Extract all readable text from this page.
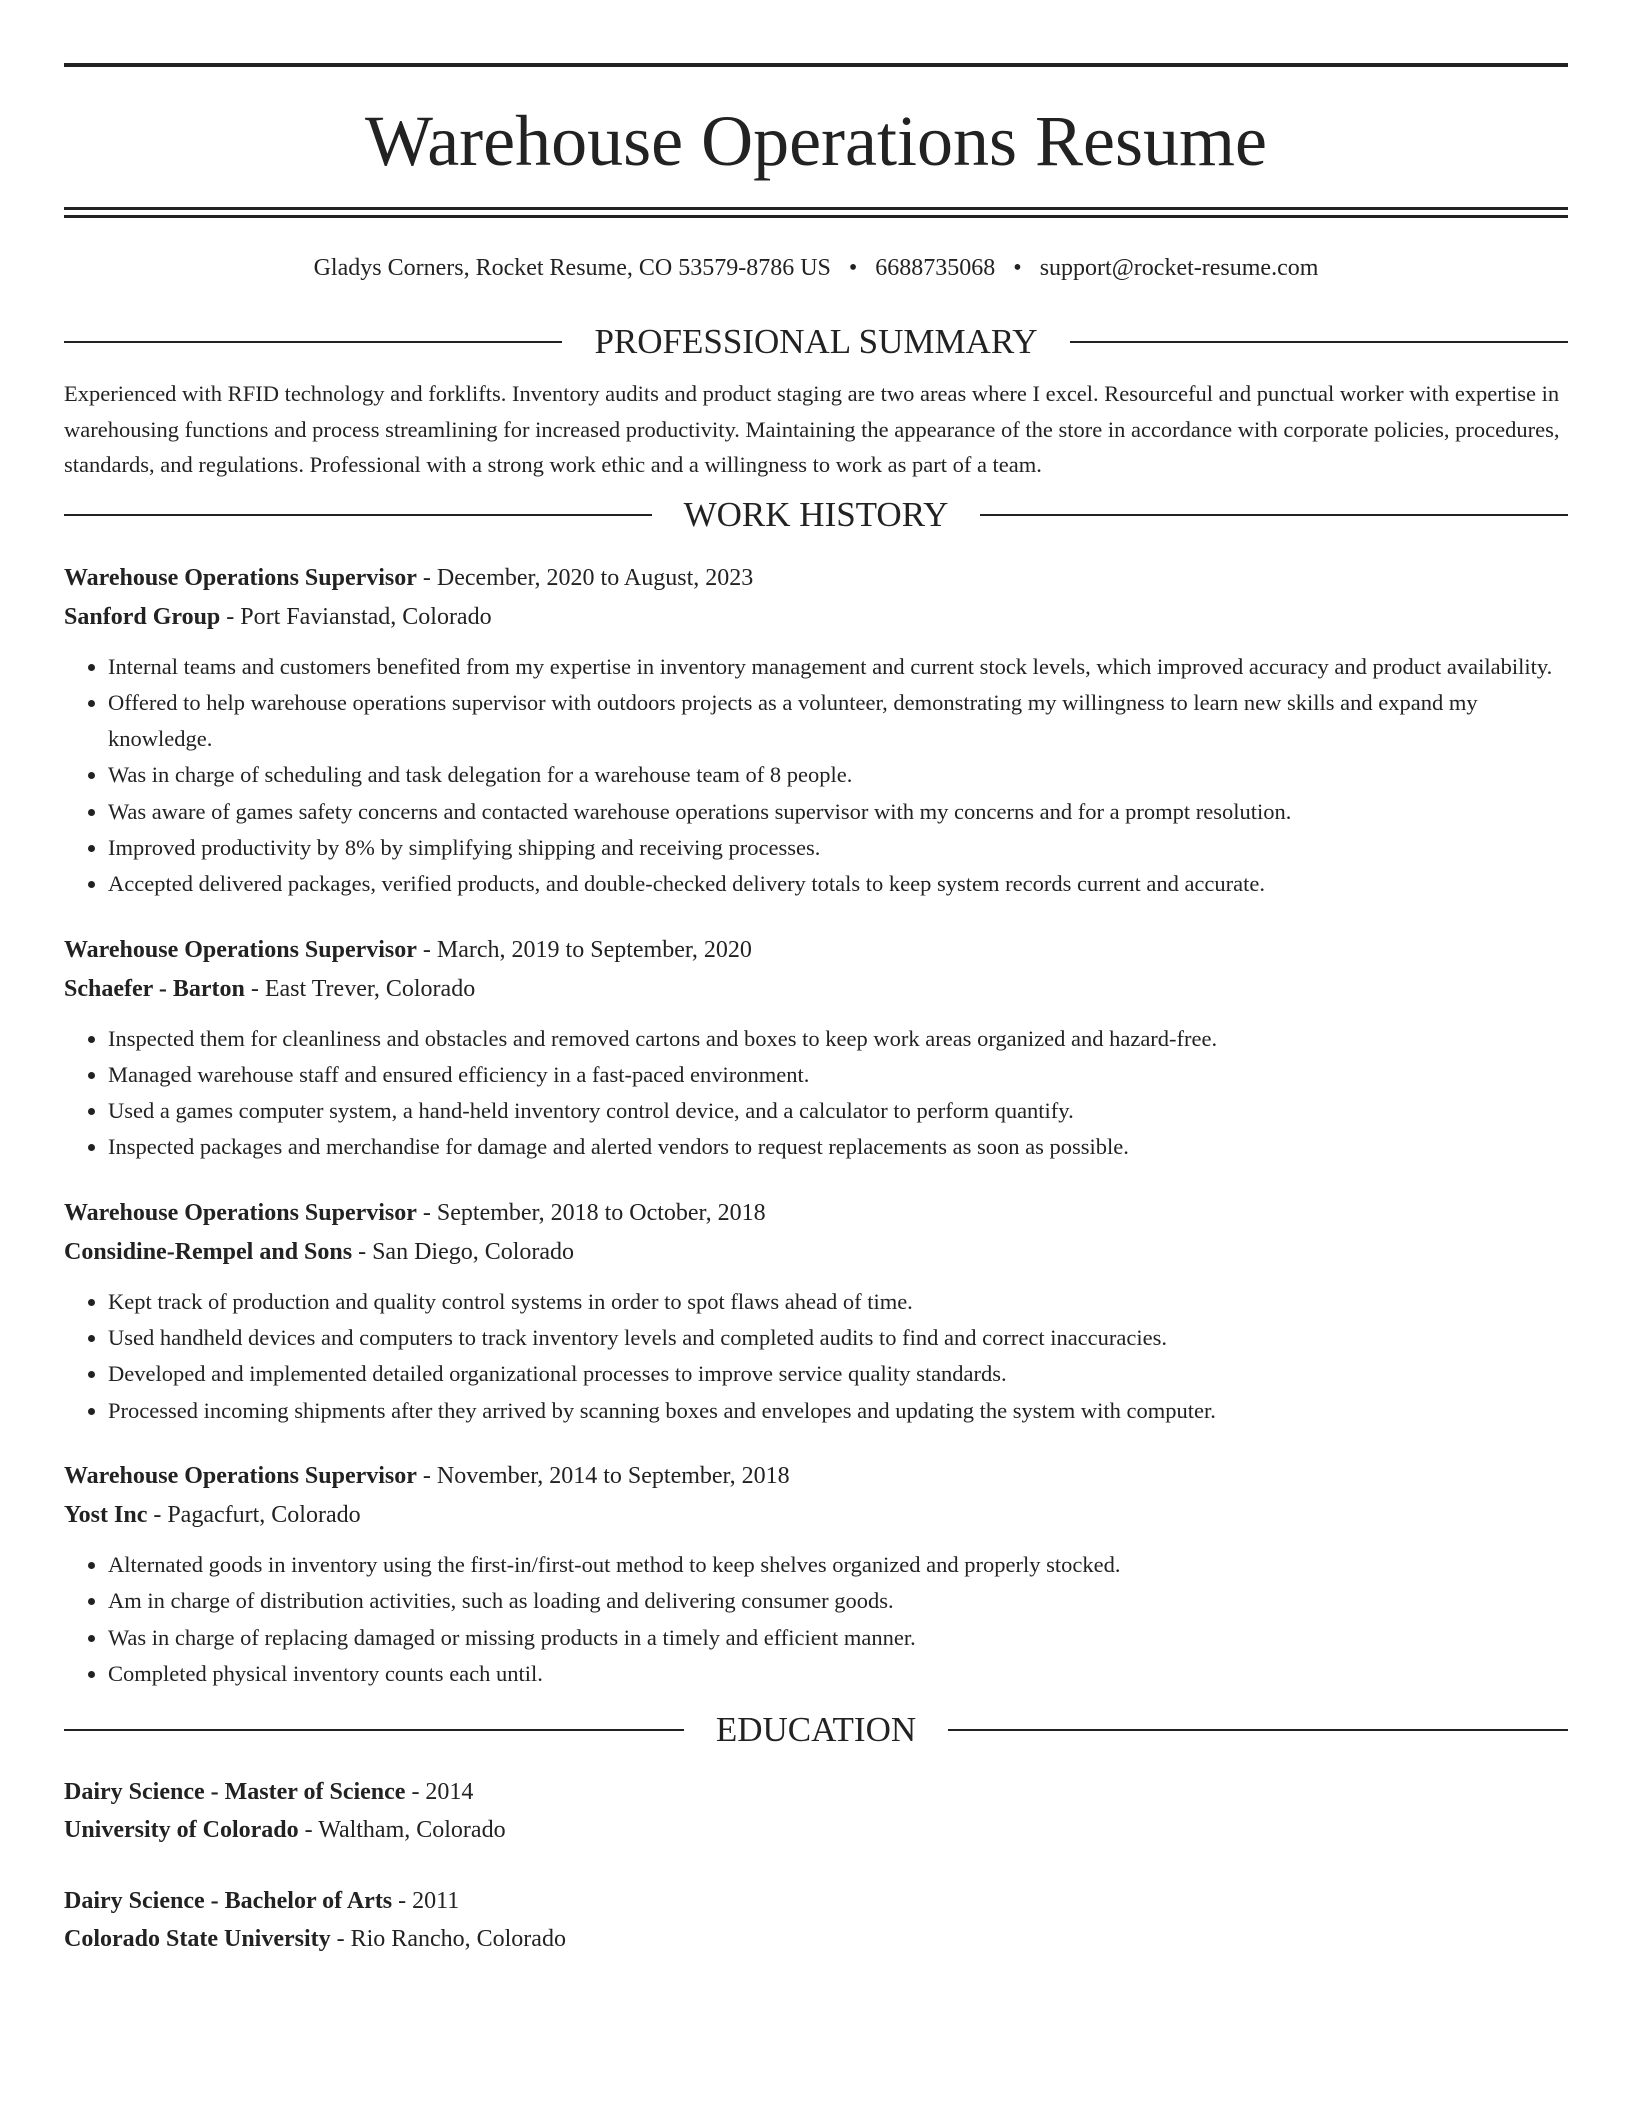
Warehouse Operations Resume
Gladys Corners, Rocket Resume, CO 53579-8786 US • 6688735068 • support@rocket-resume.com
PROFESSIONAL SUMMARY
Experienced with RFID technology and forklifts. Inventory audits and product staging are two areas where I excel. Resourceful and punctual worker with expertise in warehousing functions and process streamlining for increased productivity. Maintaining the appearance of the store in accordance with corporate policies, procedures, standards, and regulations. Professional with a strong work ethic and a willingness to work as part of a team.
WORK HISTORY
Warehouse Operations Supervisor - December, 2020 to August, 2023
Sanford Group - Port Favianstad, Colorado
• Internal teams and customers benefited from my expertise in inventory management and current stock levels, which improved accuracy and product availability.
• Offered to help warehouse operations supervisor with outdoors projects as a volunteer, demonstrating my willingness to learn new skills and expand my knowledge.
• Was in charge of scheduling and task delegation for a warehouse team of 8 people.
• Was aware of games safety concerns and contacted warehouse operations supervisor with my concerns and for a prompt resolution.
• Improved productivity by 8% by simplifying shipping and receiving processes.
• Accepted delivered packages, verified products, and double-checked delivery totals to keep system records current and accurate.
Warehouse Operations Supervisor - March, 2019 to September, 2020
Schaefer - Barton - East Trever, Colorado
• Inspected them for cleanliness and obstacles and removed cartons and boxes to keep work areas organized and hazard-free.
• Managed warehouse staff and ensured efficiency in a fast-paced environment.
• Used a games computer system, a hand-held inventory control device, and a calculator to perform quantify.
• Inspected packages and merchandise for damage and alerted vendors to request replacements as soon as possible.
Warehouse Operations Supervisor - September, 2018 to October, 2018
Considine-Rempel and Sons - San Diego, Colorado
• Kept track of production and quality control systems in order to spot flaws ahead of time.
• Used handheld devices and computers to track inventory levels and completed audits to find and correct inaccuracies.
• Developed and implemented detailed organizational processes to improve service quality standards.
• Processed incoming shipments after they arrived by scanning boxes and envelopes and updating the system with computer.
Warehouse Operations Supervisor - November, 2014 to September, 2018
Yost Inc - Pagacfurt, Colorado
• Alternated goods in inventory using the first-in/first-out method to keep shelves organized and properly stocked.
• Am in charge of distribution activities, such as loading and delivering consumer goods.
• Was in charge of replacing damaged or missing products in a timely and efficient manner.
• Completed physical inventory counts each until.
EDUCATION
Dairy Science - Master of Science - 2014
University of Colorado - Waltham, Colorado
Dairy Science - Bachelor of Arts - 2011
Colorado State University - Rio Rancho, Colorado
